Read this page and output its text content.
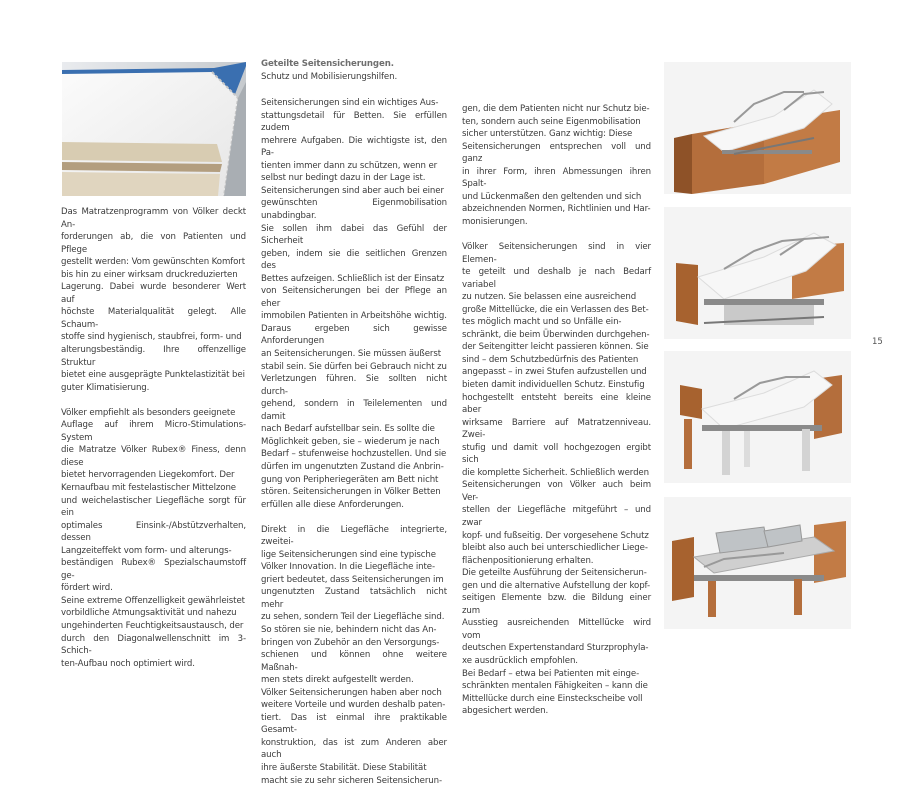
Das Matratzenprogramm von Völker deckt An-
forderungen ab, die von Patienten und Pflege
gestellt werden: Vom gewünschten Komfort
bis hin zu einer wirksam druckreduzierten
Lagerung. Dabei wurde besonderer Wert auf
höchste Materialqualität gelegt. Alle Schaum-
stoffe sind hygienisch, staubfrei, form- und
alterungsbeständig. Ihre offenzellige Struktur
bietet eine ausgeprägte Punktelastizität bei
guter Klimatisierung.

Völker empfiehlt als besonders geeignete
Auflage auf ihrem Micro-Stimulations-System
die Matratze Völker Rubex® Finess, denn diese
bietet hervorragenden Liegekomfort. Der
Kernaufbau mit festelastischer Mittelzone
und weichelastischer Liegefläche sorgt für ein
optimales Einsink-/Abstützverhalten, dessen
Langzeiteffekt vom form- und alterungs-
beständigen Rubex® Spezialschaumstoff ge-
fördert wird.
Seine extreme Offenzelligkeit gewährleistet
vorbildliche Atmungsaktivität und nahezu
ungehinderten Feuchtigkeitsaustausch, der
durch den Diagonalwellenschnitt im 3-Schich-
ten-Aufbau noch optimiert wird.

Geteilte Seitensicherungen.

Schutz und Mobilisierungshilfen.

Seitensicherungen sind ein wichtiges Aus-
stattungsdetail für Betten. Sie erfüllen zudem
mehrere Aufgaben. Die wichtigste ist, den Pa-
tienten immer dann zu schützen, wenn er
selbst nur bedingt dazu in der Lage ist.
Seitensicherungen sind aber auch bei einer
gewünschten Eigenmobilisation unabdingbar.
Sie sollen ihm dabei das Gefühl der Sicherheit
geben, indem sie die seitlichen Grenzen des
Bettes aufzeigen. Schließlich ist der Einsatz
von Seitensicherungen bei der Pflege an eher
immobilen Patienten in Arbeitshöhe wichtig.
Daraus ergeben sich gewisse Anforderungen
an Seitensicherungen. Sie müssen äußerst
stabil sein. Sie dürfen bei Gebrauch nicht zu
Verletzungen führen. Sie sollten nicht durch-
gehend, sondern in Teilelementen und damit
nach Bedarf aufstellbar sein. Es sollte die
Möglichkeit geben, sie – wiederum je nach
Bedarf – stufenweise hochzustellen. Und sie
dürfen im ungenutzten Zustand die Anbrin-
gung von Peripheriegeräten am Bett nicht
stören. Seitensicherungen in Völker Betten
erfüllen alle diese Anforderungen.

Direkt in die Liegefläche integrierte, zweitei-
lige Seitensicherungen sind eine typische
Völker Innovation. In die Liegefläche inte-
griert bedeutet, dass Seitensicherungen im
ungenutzten Zustand tatsächlich nicht mehr
zu sehen, sondern Teil der Liegefläche sind.
So stören sie nie, behindern nicht das An-
bringen von Zubehör an den Versorgungs-
schienen und können ohne weitere Maßnah-
men stets direkt aufgestellt werden.
Völker Seitensicherungen haben aber noch
weitere Vorteile und wurden deshalb paten-
tiert. Das ist einmal ihre praktikable Gesamt-
konstruktion, das ist zum Anderen aber auch
ihre äußerste Stabilität. Diese Stabilität
macht sie zu sehr sicheren Seitensicherun-

gen, die dem Patienten nicht nur Schutz bie-
ten, sondern auch seine Eigenmobilisation
sicher unterstützen. Ganz wichtig: Diese
Seitensicherungen entsprechen voll und ganz
in ihrer Form, ihren Abmessungen ihren Spalt-
und Lückenmaßen den geltenden und sich
abzeichnenden Normen, Richtlinien und Har-
monisierungen.

Völker Seitensicherungen sind in vier Elemen-
te geteilt und deshalb je nach Bedarf variabel
zu nutzen. Sie belassen eine ausreichend
große Mittellücke, die ein Verlassen des Bet-
tes möglich macht und so Unfälle ein-
schränkt, die beim Überwinden durchgehen-
der Seitengitter leicht passieren können. Sie
sind – dem Schutzbedürfnis des Patienten
angepasst – in zwei Stufen aufzustellen und
bieten damit individuellen Schutz. Einstufig
hochgestellt entsteht bereits eine kleine aber
wirksame Barriere auf Matratzenniveau. Zwei-
stufig und damit voll hochgezogen ergibt sich
die komplette Sicherheit. Schließlich werden
Seitensicherungen von Völker auch beim Ver-
stellen der Liegefläche mitgeführt – und zwar
kopf- und fußseitig. Der vorgesehene Schutz
bleibt also auch bei unterschiedlicher Liege-
flächenpositionierung erhalten.
Die geteilte Ausführung der Seitensicherun-
gen und die alternative Aufstellung der kopf-
seitigen Elemente bzw. die Bildung einer zum
Ausstieg ausreichenden Mittellücke wird vom
deutschen Expertenstandard Sturzprophyla-
xe ausdrücklich empfohlen.
Bei Bedarf – etwa bei Patienten mit einge-
schränkten mentalen Fähigkeiten – kann die
Mittellücke durch eine Einsteckscheibe voll
abgesichert werden.

15
